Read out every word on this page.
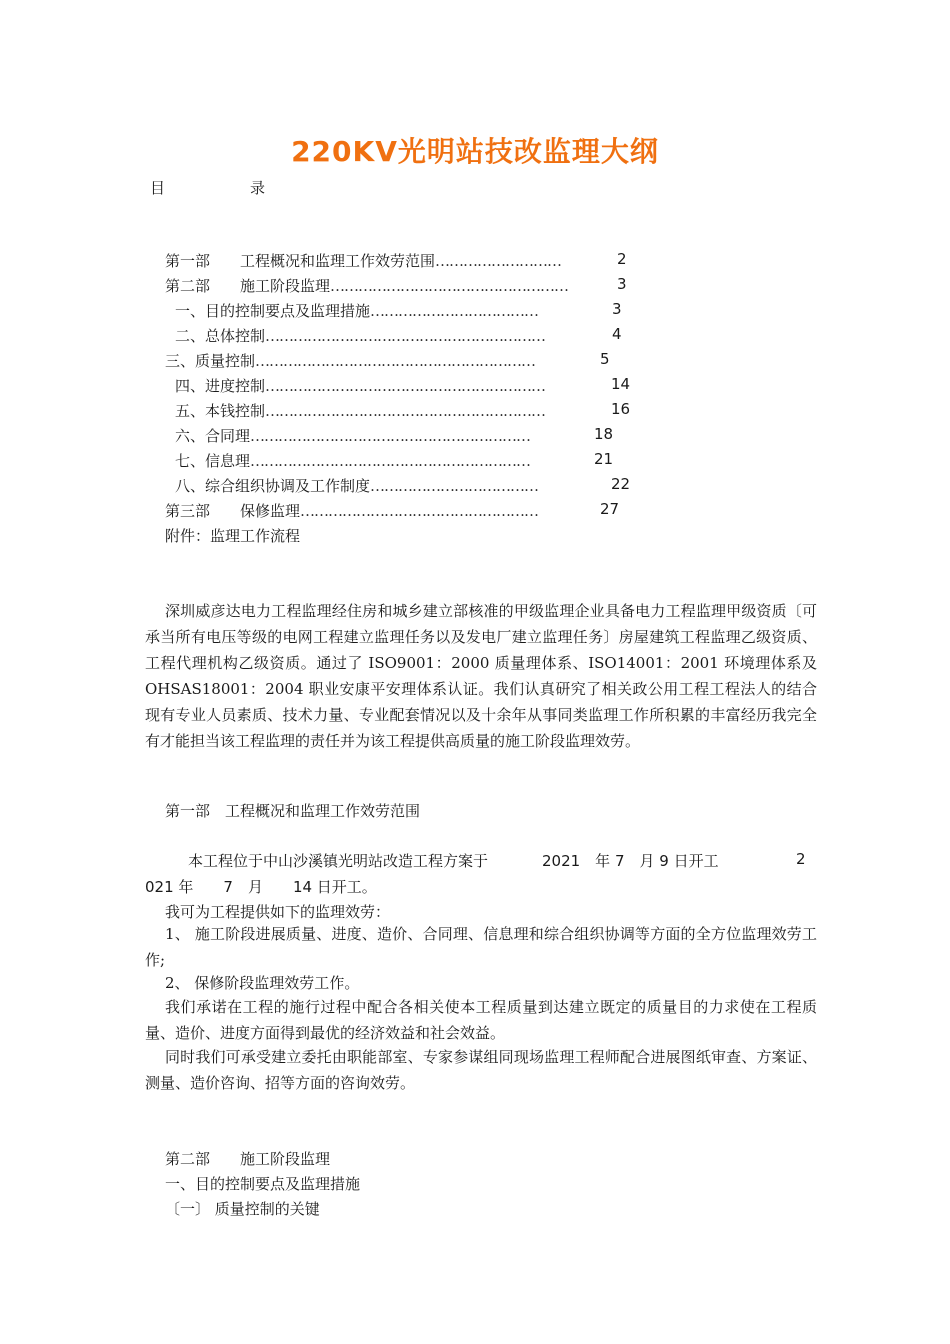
220KV光明站技改监理大纲
目	录
第一部　　工程概况和监理工作效劳范围………………………	2
第二部　　施工阶段监理……………………………………………	3
一、目的控制要点及监理措施………………………………	3
二、总体控制……………………………………………………	4
三、质量控制……………………………………………………	5
四、进度控制……………………………………………………	14
五、本钱控制……………………………………………………	16
六、合同理……………………………………………………	18
七、信息理……………………………………………………	21
八、综合组织协调及工作制度………………………………	22
第三部　　保修监理……………………………………………	27
附件：监理工作流程
深圳威彦达电力工程监理经住房和城乡建立部核准的甲级监理企业具备电力工程监理甲级资质〔可承当所有电压等级的电网工程建立监理任务以及发电厂建立监理任务〕房屋建筑工程监理乙级资质、工程代理机构乙级资质。通过了 ISO9001：2000 质量理体系、ISO14001：2001 环境理体系及 OHSAS18001：2004 职业安康平安理体系认证。我们认真研究了相关政公用工程工程法人的结合现有专业人员素质、技术力量、专业配套情况以及十余年从事同类监理工作所积累的丰富经历我完全有才能担当该工程监理的责任并为该工程提供高质量的施工阶段监理效劳。
第一部　工程概况和监理工作效劳范围
本工程位于中山沙溪镇光明站改造工程方案于	2021　年 7　月 9 日开工	2
021 年　　7　月　　14 日开工。
我可为工程提供如下的监理效劳：
1、 施工阶段进展质量、进度、造价、合同理、信息理和综合组织协调等方面的全方位监理效劳工作;
2、 保修阶段监理效劳工作。
我们承诺在工程的施行过程中配合各相关使本工程质量到达建立既定的质量目的力求使在工程质量、造价、进度方面得到最优的经济效益和社会效益。
同时我们可承受建立委托由职能部室、专家参谋组同现场监理工程师配合进展图纸审查、方案证、测量、造价咨询、招等方面的咨询效劳。
第二部　　施工阶段监理
一、目的控制要点及监理措施
〔一〕 质量控制的关键
